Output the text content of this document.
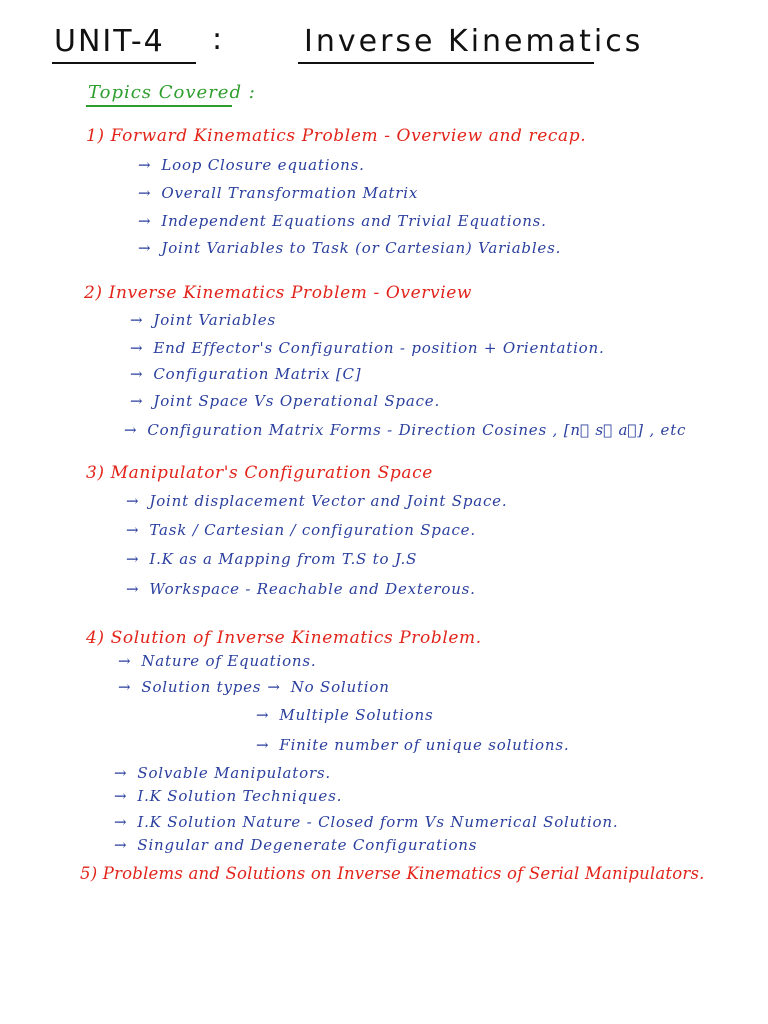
UNIT-4 :	Inverse Kinematics
Topics Covered :
1) Forward Kinematics Problem - Overview and recap.
→ Loop Closure equations.
→ Overall Transformation Matrix
→ Independent Equations and Trivial Equations.
→ Joint Variables to Task (or Cartesian) Variables.
2) Inverse Kinematics Problem - Overview
→ Joint Variables
→ End Effector's Configuration - position + Orientation.
→ Configuration Matrix [C]
→ Joint Space Vs Operational Space.
→ Configuration Matrix Forms - Direction Cosines , [n⃗ s⃗ a⃗] , etc
3) Manipulator's Configuration Space
→ Joint displacement Vector and Joint Space.
→ Task / Cartesian / configuration Space.
→ I.K as a Mapping from T.S to J.S
→ Workspace - Reachable and Dexterous.
4) Solution of Inverse Kinematics Problem.
→ Nature of Equations.
→ Solution types → No Solution
→ Multiple Solutions
→ Finite number of unique solutions.
→ Solvable Manipulators.
→ I.K Solution Techniques.
→ I.K Solution Nature - Closed form Vs Numerical Solution.
→ Singular and Degenerate Configurations
5) Problems and Solutions on Inverse Kinematics of Serial Manipulators.
